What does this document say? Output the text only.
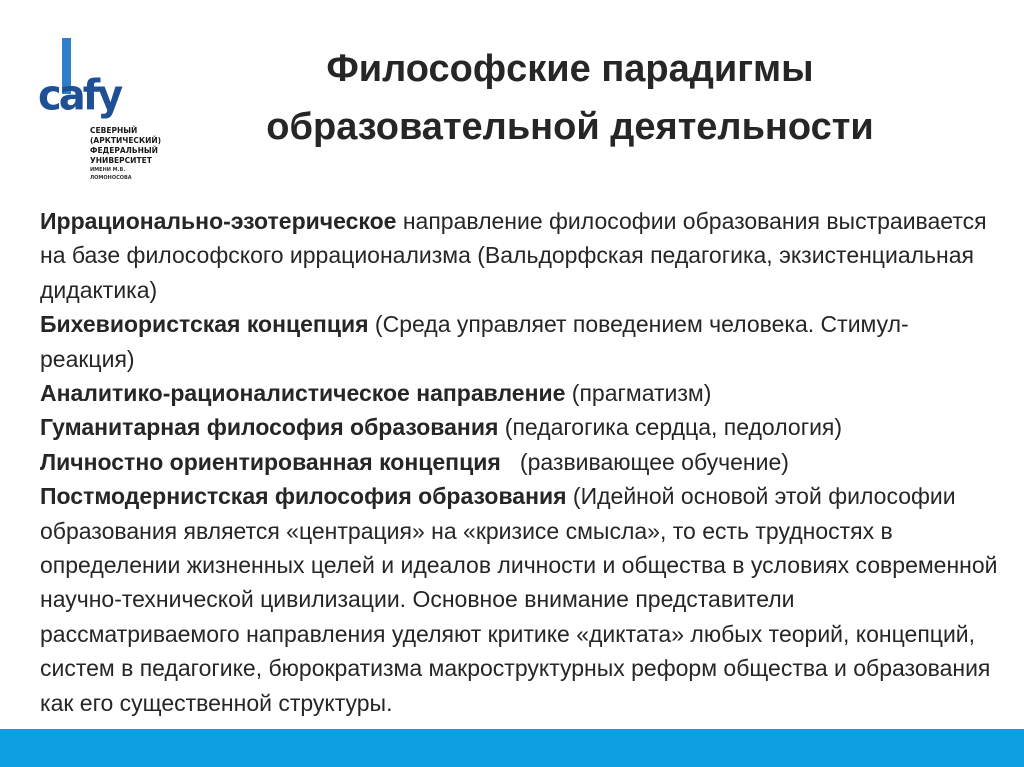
cafy
СЕВЕРНЫЙ
(АРКТИЧЕСКИЙ)
ФЕДЕРАЛЬНЫЙ
УНИВЕРСИТЕТ
ИМЕНИ М.В. ЛОМОНОСОВА
Философские парадигмы
образовательной деятельности
Иррационально-эзотерическое направление философии образования выстраивается на базе философского иррационализма (Вальдорфская педагогика, экзистенциальная дидактика)
Бихевиористская концепция (Среда управляет поведением человека. Стимул-реакция)
Аналитико-рационалистическое направление (прагматизм)
Гуманитарная философия образования (педагогика сердца, педология)
Личностно ориентированная концепция   (развивающее обучение)
Постмодернистская философия образования (Идейной основой этой философии образования является «центрация» на «кризисе смысла», то есть трудностях в определении жизненных целей и идеалов личности и общества в условиях современной научно-технической цивилизации. Основное внимание представители рассматриваемого направления уделяют критике «диктата» любых теорий, концепций, систем в педагогике, бюрократизма макроструктурных реформ общества и образования как его существенной структуры.
